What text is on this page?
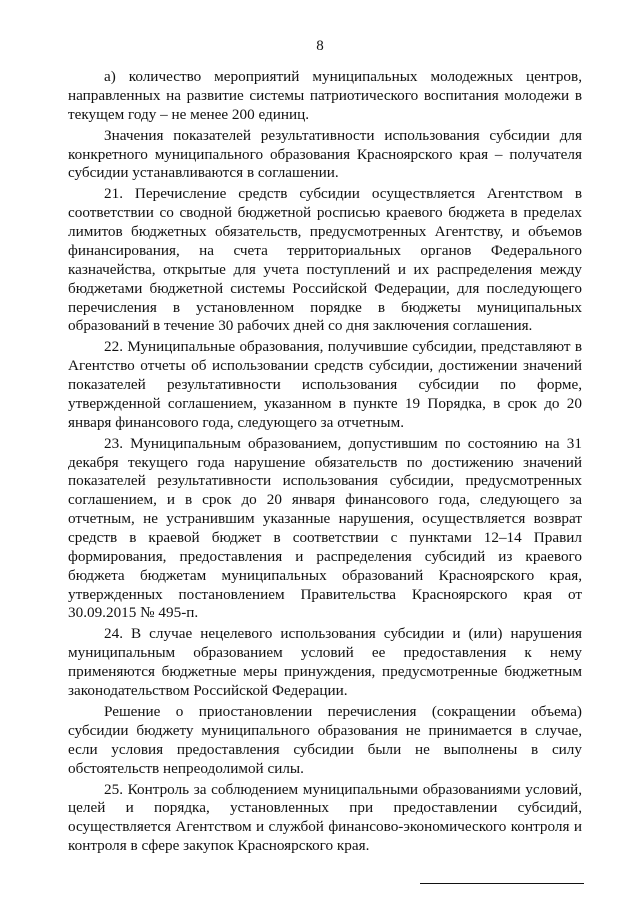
8

а) количество мероприятий муниципальных молодежных центров, направленных на развитие системы патриотического воспитания молодежи в текущем году – не менее 200 единиц.

Значения показателей результативности использования субсидии для конкретного муниципального образования Красноярского края – получателя субсидии устанавливаются в соглашении.

21. Перечисление средств субсидии осуществляется Агентством в соответствии со сводной бюджетной росписью краевого бюджета в пределах лимитов бюджетных обязательств, предусмотренных Агентству, и объемов финансирования, на счета территориальных органов Федерального казначейства, открытые для учета поступлений и их распределения между бюджетами бюджетной системы Российской Федерации, для последующего перечисления в установленном порядке в бюджеты муниципальных образований в течение 30 рабочих дней со дня заключения соглашения.

22. Муниципальные образования, получившие субсидии, представляют в Агентство отчеты об использовании средств субсидии, достижении значений показателей результативности использования субсидии по форме, утвержденной соглашением, указанном в пункте 19 Порядка, в срок до 20 января финансового года, следующего за отчетным.

23. Муниципальным образованием, допустившим по состоянию на 31 декабря текущего года нарушение обязательств по достижению значений показателей результативности использования субсидии, предусмотренных соглашением, и в срок до 20 января финансового года, следующего за отчетным, не устранившим указанные нарушения, осуществляется возврат средств в краевой бюджет в соответствии с пунктами 12–14 Правил формирования, предоставления и распределения субсидий из краевого бюджета бюджетам муниципальных образований Красноярского края, утвержденных постановлением Правительства Красноярского края от 30.09.2015 № 495-п.

24. В случае нецелевого использования субсидии и (или) нарушения муниципальным образованием условий ее предоставления к нему применяются бюджетные меры принуждения, предусмотренные бюджетным законодательством Российской Федерации.

Решение о приостановлении перечисления (сокращении объема) субсидии бюджету муниципального образования не принимается в случае, если условия предоставления субсидии были не выполнены в силу обстоятельств непреодолимой силы.

25. Контроль за соблюдением муниципальными образованиями условий, целей и порядка, установленных при предоставлении субсидий, осуществляется Агентством и службой финансово-экономического контроля и контроля в сфере закупок Красноярского края.
